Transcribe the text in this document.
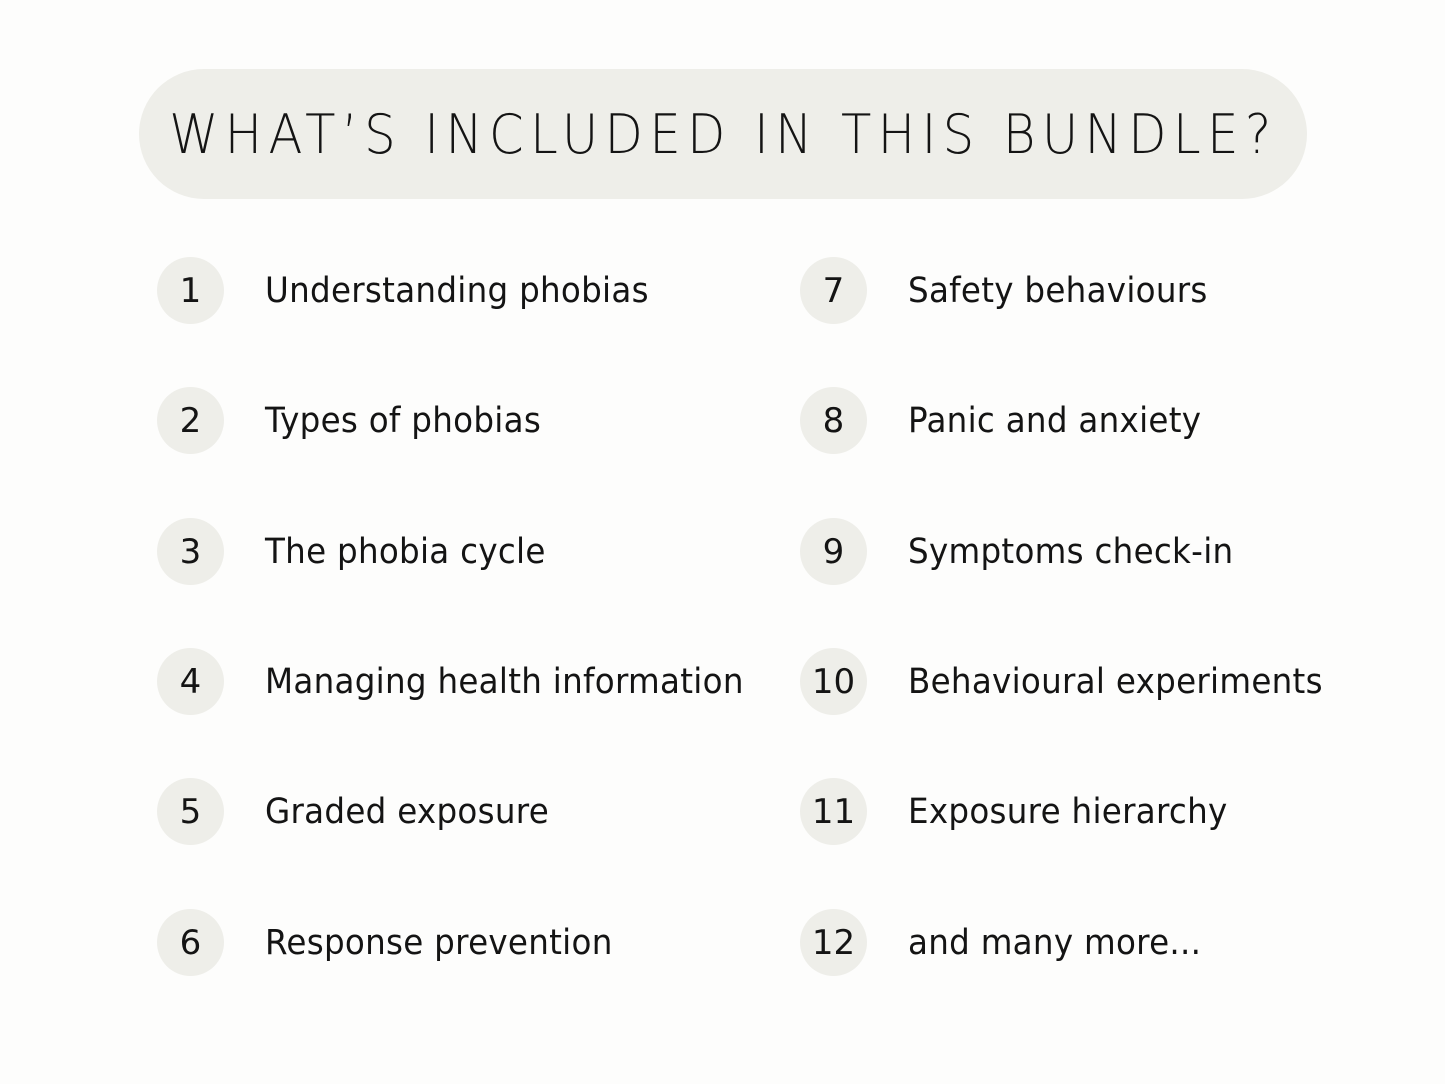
WHAT’S INCLUDED IN THIS BUNDLE?
1	Understanding phobias
2	Types of phobias
3	The phobia cycle
4	Managing health information
5	Graded exposure
6	Response prevention
7	Safety behaviours
8	Panic and anxiety
9	Symptoms check-in
10	Behavioural experiments
11	Exposure hierarchy
12	and many more...
